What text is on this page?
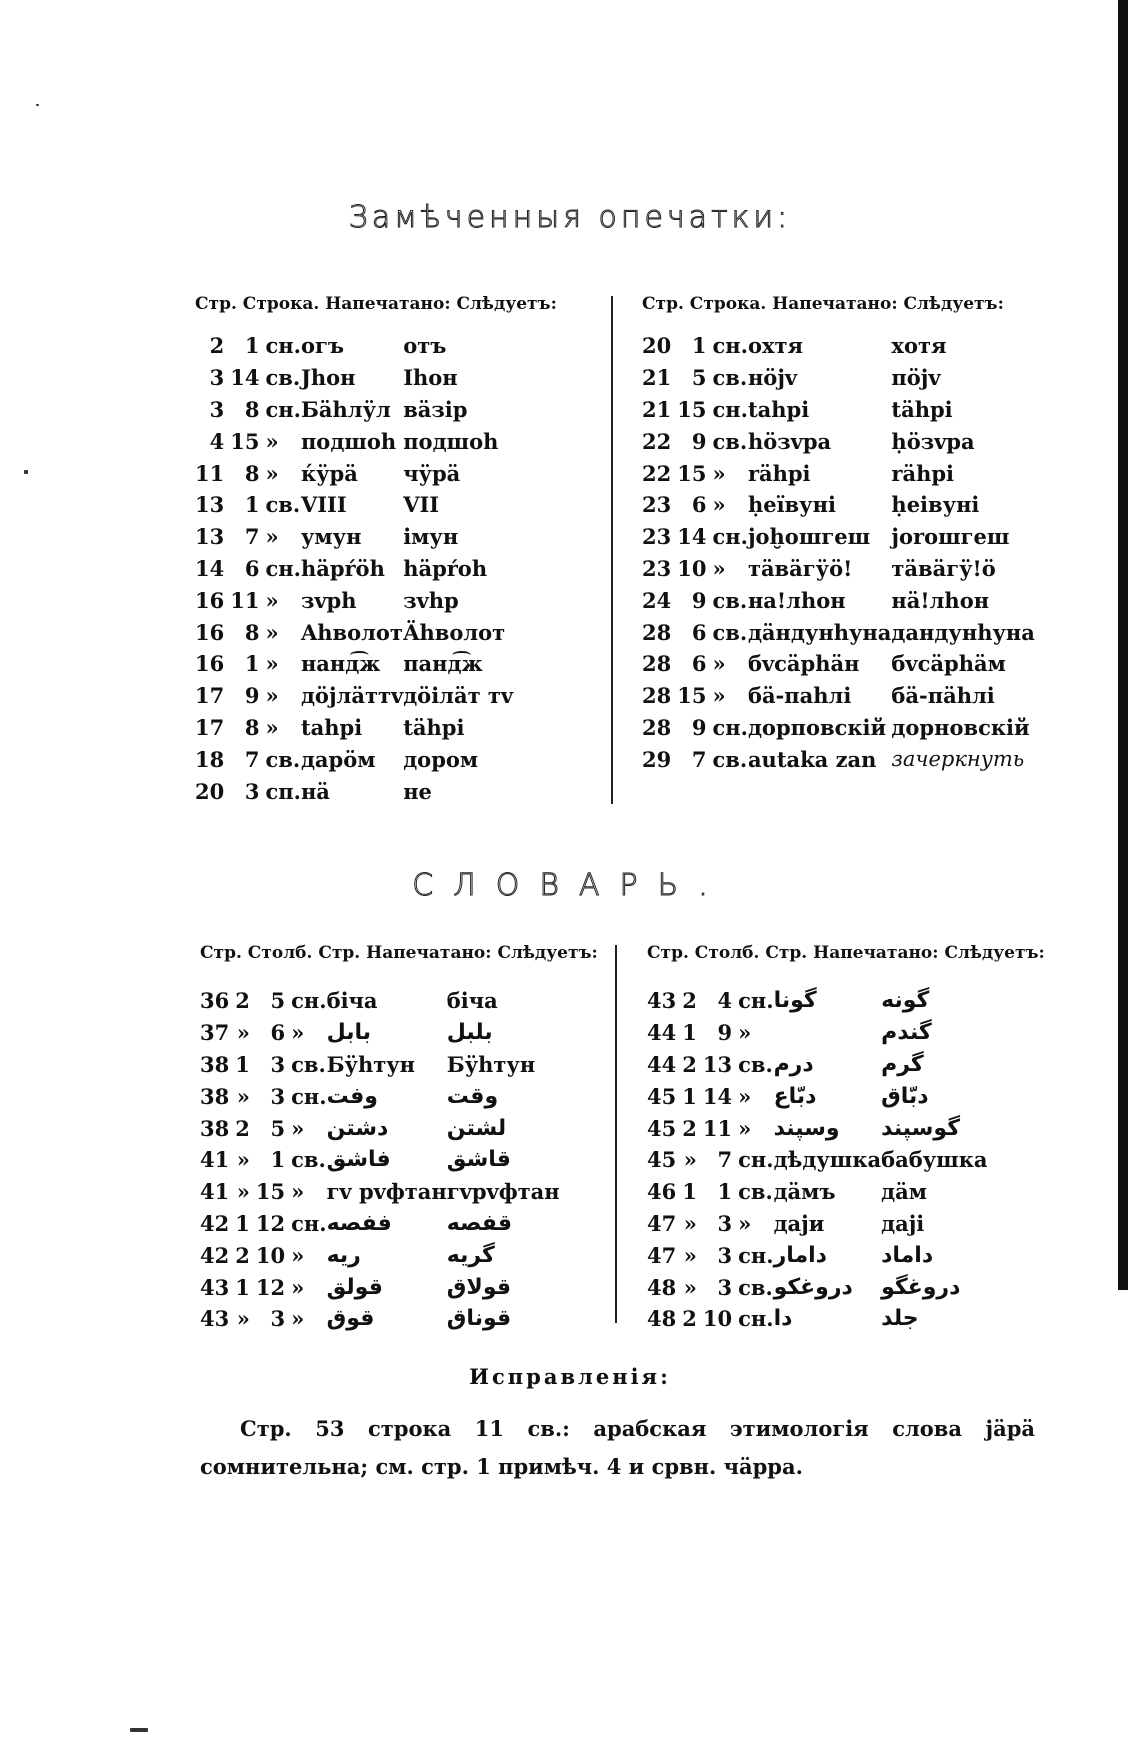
Замѣченныя опечатки:
Стр. Строка. Напечатано: Слѣдуетъ:
2	1	сн.	огъ	отъ
3	14	св.	Jhoн	Ihoн
3	8	сн.	Бähлӱл	вäзір
4	15	»	подшоh	подшоh
11	8	»	ќӱрä	чӱрä
13	1	св.	VIII	VII
13	7	»	умун	імун
14	6	сн.	häpŕöh	häpŕoh
16	11	»	зvph	зvhp
16	8	»	Ahволот	Ähволот
16	1	»	нанд͡ж	панд͡ж
17	9	»	дöjлäттv	дöiлäт тv
17	8	»	tahpi	tähpi
18	7	св.	дарöм	дором
20	3	сп.	нä	не
Стр. Строка. Напечатано: Слѣдуетъ:
20	1	сн.	охтя	хотя
21	5	св.	нöjv	пöjv
21	15	сн.	tahpi	tähpi
22	9	св.	höзvpa	ḥöзvpa
22	15	»	rähpi	rähpi
23	6	»	ḥeïвуні	ḥeiвуні
23	14	сн.	joḫошгеш	jorошгеш
23	10	»	тäвäгӱö!	тäвäгӱ!ö
24	9	св.	на!лhон	нä!лhoн
28	6	св.	дäндунhуна	дандунhуна
28	6	»	бvсäрhäн	бvсäрhäм
28	15	»	бä-паhлi	бä-пähлi
28	9	сн.	дорповскій	дорновскій
29	7	св.	autaka zan	зачеркнуть
СЛОВАРЬ.
Стр. Столб. Стр. Напечатано: Слѣдуетъ:
36	2	5	сн.	біча	біча
37	»	6	»	بابل	بلبل
38	1	3	св.	Бӱhтун	Бӱhтун
38	»	3	сн.	وفت	وقت
38	2	5	»	دشتن	لشتن
41	»	1	св.	فاشق	قاشق
41	»	15	»	гv рvфтан	гvрvфтан
42	1	12	сн.	ففصه	قفصه
42	2	10	»	ریه	گریه
43	1	12	»	قولق	قولاق
43	»	3	»	قوق	قوناق
Стр. Столб. Стр. Напечатано: Слѣдуетъ:
43	2	4	сн.	گونا	گونه
44	1	9	»		گندم
44	2	13	св.	درم	گرم
45	1	14	»	دبّاع	دبّاق
45	2	11	»	وسپند	گوسپند
45	»	7	сн.	дѣдушка	бабушка
46	1	1	св.	дäмъ	дäм
47	»	3	»	даjи	даjі
47	»	3	сн.	دامار	داماد
48	»	3	св.	دروغكو	دروغگو
48	2	10	сн.	دا	جلد
Исправленія:
Стр. 53 строка 11 св.: арабская этимологія слова jäpä сомнительна; см. стр. 1 примѣч. 4 и срвн. чäрра.
